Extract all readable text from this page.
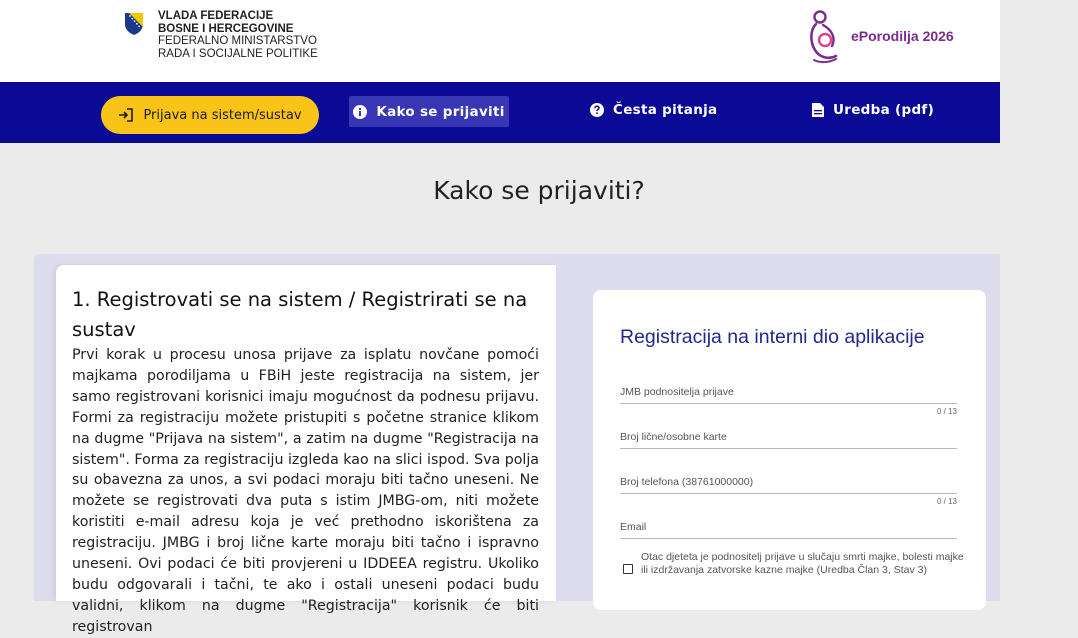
VLADA FEDERACIJE
BOSNE I HERCEGOVINE
FEDERALNO MINISTARSTVO
RADA I SOCIJALNE POLITIKE
ePorodilja 2026
Prijava na sistem/sustav	Kako se prijaviti	Česta pitanja	Uredba (pdf)
Kako se prijaviti?
1. Registrovati se na sistem / Registrirati se na sustav

Prvi korak u procesu unosa prijave za isplatu novčane pomoći majkama porodiljama u FBiH jeste registracija na sistem, jer samo registrovani korisnici imaju mogućnost da podnesu prijavu. Formi za registraciju možete pristupiti s početne stranice klikom na dugme "Prijava na sistem", a zatim na dugme "Registracija na sistem". Forma za registraciju izgleda kao na slici ispod. Sva polja su obavezna za unos, a svi podaci moraju biti tačno uneseni. Ne možete se registrovati dva puta s istim JMBG-om, niti možete koristiti e-mail adresu koja je već prethodno iskorištena za registraciju. JMBG i broj lične karte moraju biti tačno i ispravno uneseni. Ovi podaci će biti provjereni u IDDEEA registru. Ukoliko budu odgovarali i tačni, te ako i ostali uneseni podaci budu validni, klikom na dugme "Registracija" korisnik će biti registrovan

Registracija na interni dio aplikacije
JMB podnositelja prijave
0 / 13
Broj lične/osobne karte
Broj telefona (38761000000)
0 / 13
Email
Otac djeteta je podnositelj prijave u slučaju smrti majke, bolesti majke ili izdržavanja zatvorske kazne majke (Uredba Član 3, Stav 3)
